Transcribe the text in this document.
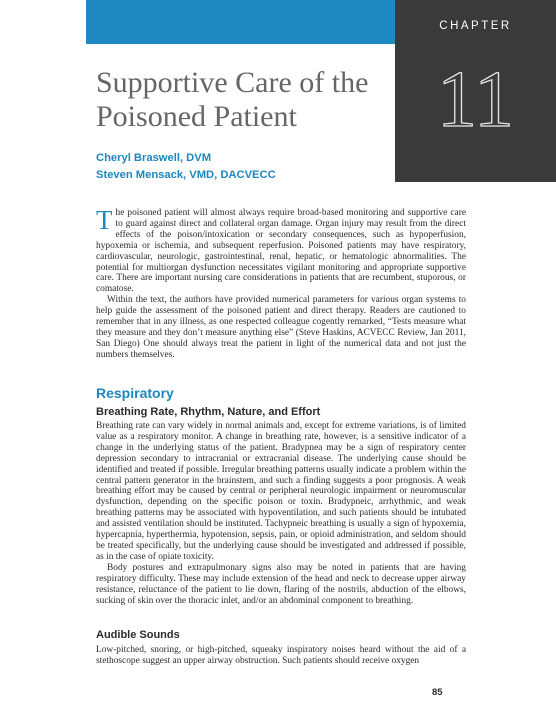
CHAPTER
11
Supportive Care of the
Poisoned Patient
Cheryl Braswell, DVM
Steven Mensack, VMD, DACVECC

The poisoned patient will almost always require broad-based monitoring and supportive care to guard against direct and collateral organ damage. Organ injury may result from the direct effects of the poison/intoxication or secondary consequences, such as hypoperfusion, hypoxemia or ischemia, and subsequent reperfusion. Poisoned patients may have respiratory, cardiovascular, neurologic, gastrointestinal, renal, hepatic, or hematologic abnormalities. The potential for multiorgan dysfunction necessitates vigilant monitoring and appropriate supportive care. There are important nursing care considerations in patients that are recumbent, stuporous, or comatose.

Within the text, the authors have provided numerical parameters for various organ systems to help guide the assessment of the poisoned patient and direct therapy. Readers are cautioned to remember that in any illness, as one respected colleague cogently remarked, “Tests measure what they measure and they don’t measure anything else” (Steve Haskins, ACVECC Review, Jan 2011, San Diego) One should always treat the patient in light of the numerical data and not just the numbers themselves.

Respiratory
Breathing Rate, Rhythm, Nature, and Effort

Breathing rate can vary widely in normal animals and, except for extreme variations, is of limited value as a respiratory monitor. A change in breathing rate, however, is a sensitive indicator of a change in the underlying status of the patient. Bradypnea may be a sign of respiratory center depression secondary to intracranial or extracranial disease. The underlying cause should be identified and treated if possible. Irregular breathing patterns usually indicate a problem within the central pattern generator in the brainstem, and such a finding suggests a poor prognosis. A weak breathing effort may be caused by central or peripheral neurologic impairment or neuromuscular dysfunction, depending on the specific poison or toxin. Bradypneic, arrhythmic, and weak breathing patterns may be associated with hypoventilation, and such patients should be intubated and assisted ventilation should be instituted. Tachypneic breathing is usually a sign of hypoxemia, hypercapnia, hyperthermia, hypotension, sepsis, pain, or opioid administration, and seldom should be treated specifically, but the underlying cause should be investigated and addressed if possible, as in the case of opiate toxicity.

Body postures and extrapulmonary signs also may be noted in patients that are having respiratory difficulty. These may include extension of the head and neck to decrease upper airway resistance, reluctance of the patient to lie down, flaring of the nostrils, abduction of the elbows, sucking of skin over the thoracic inlet, and/or an abdominal component to breathing.

Audible Sounds

Low-pitched, snoring, or high-pitched, squeaky inspiratory noises heard without the aid of a stethoscope suggest an upper airway obstruction. Such patients should receive oxygen

85
